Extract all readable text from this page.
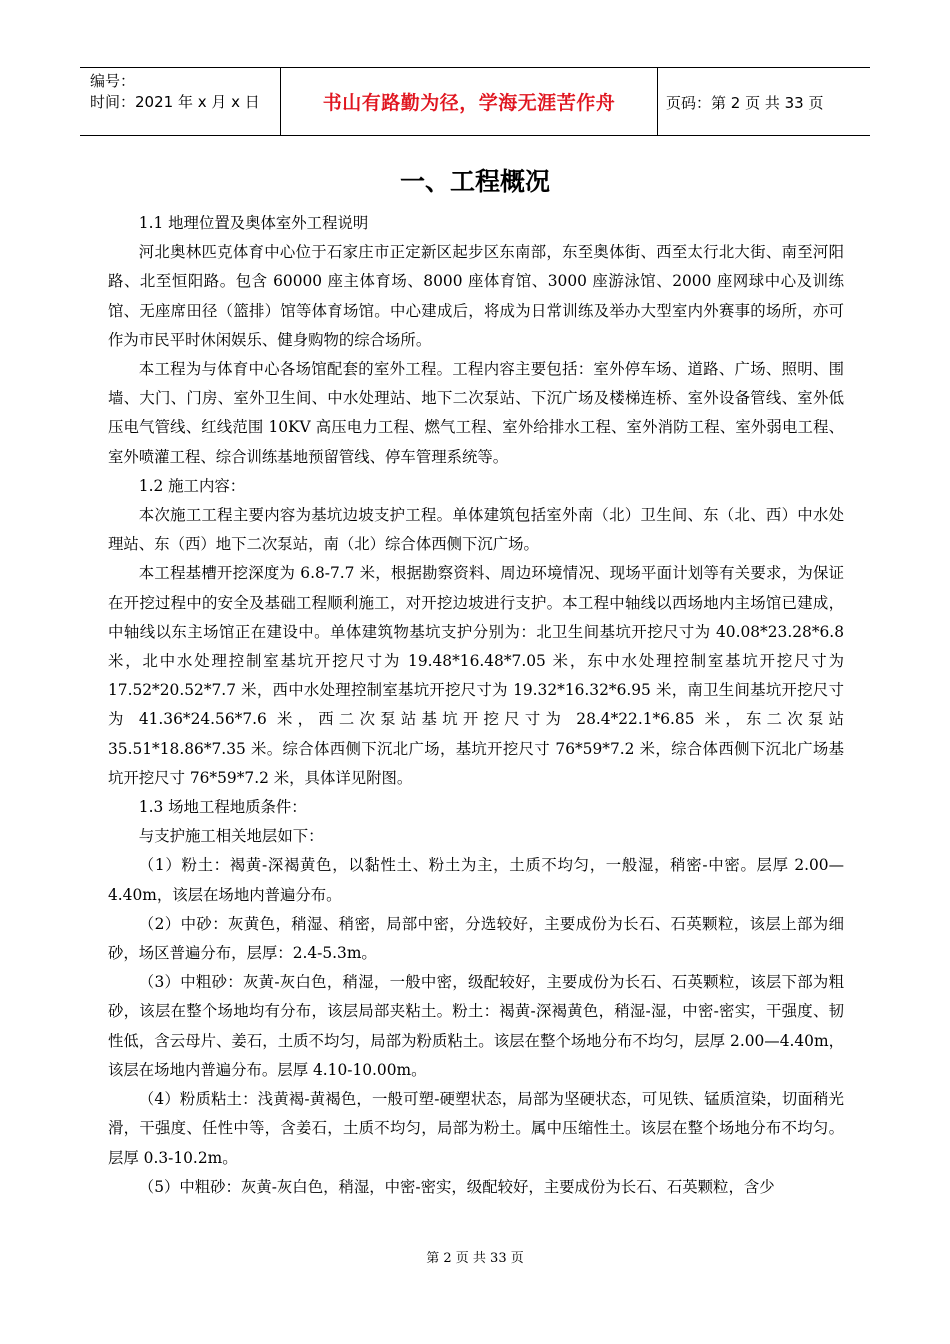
编号：
时间：2021 年 x 月 x 日	书山有路勤为径，学海无涯苦作舟	页码：第 2 页 共 33 页
一、工程概况

1.1 地理位置及奥体室外工程说明

河北奥林匹克体育中心位于石家庄市正定新区起步区东南部，东至奥体街、西至太行北大街、南至河阳路、北至恒阳路。包含 60000 座主体育场、8000 座体育馆、3000 座游泳馆、2000 座网球中心及训练馆、无座席田径（篮排）馆等体育场馆。中心建成后，将成为日常训练及举办大型室内外赛事的场所，亦可作为市民平时休闲娱乐、健身购物的综合场所。

本工程为与体育中心各场馆配套的室外工程。工程内容主要包括：室外停车场、道路、广场、照明、围墙、大门、门房、室外卫生间、中水处理站、地下二次泵站、下沉广场及楼梯连桥、室外设备管线、室外低压电气管线、红线范围 10KV 高压电力工程、燃气工程、室外给排水工程、室外消防工程、室外弱电工程、室外喷灌工程、综合训练基地预留管线、停车管理系统等。

1.2 施工内容：

本次施工工程主要内容为基坑边坡支护工程。单体建筑包括室外南（北）卫生间、东（北、西）中水处理站、东（西）地下二次泵站，南（北）综合体西侧下沉广场。

本工程基槽开挖深度为 6.8-7.7 米，根据勘察资料、周边环境情况、现场平面计划等有关要求，为保证在开挖过程中的安全及基础工程顺利施工，对开挖边坡进行支护。本工程中轴线以西场地内主场馆已建成，中轴线以东主场馆正在建设中。单体建筑物基坑支护分别为：北卫生间基坑开挖尺寸为 40.08*23.28*6.8 米，北中水处理控制室基坑开挖尺寸为 19.48*16.48*7.05 米，东中水处理控制室基坑开挖尺寸为 17.52*20.52*7.7 米，西中水处理控制室基坑开挖尺寸为 19.32*16.32*6.95 米，南卫生间基坑开挖尺寸为 41.36*24.56*7.6 米，西二次泵站基坑开挖尺寸为 28.4*22.1*6.85 米，东二次泵站 35.51*18.86*7.35 米。综合体西侧下沉北广场，基坑开挖尺寸 76*59*7.2 米，综合体西侧下沉北广场基坑开挖尺寸 76*59*7.2 米，具体详见附图。

1.3 场地工程地质条件：

与支护施工相关地层如下：

（1）粉土：褐黄-深褐黄色，以黏性土、粉土为主，土质不均匀，一般湿，稍密-中密。层厚 2.00—4.40m，该层在场地内普遍分布。

（2）中砂：灰黄色，稍湿、稍密，局部中密，分选较好，主要成份为长石、石英颗粒，该层上部为细砂，场区普遍分布，层厚：2.4-5.3m。

（3）中粗砂：灰黄-灰白色，稍湿，一般中密，级配较好，主要成份为长石、石英颗粒，该层下部为粗砂，该层在整个场地均有分布，该层局部夹粘土。粉土：褐黄-深褐黄色，稍湿-湿，中密-密实，干强度、韧性低，含云母片、姜石，土质不均匀，局部为粉质粘土。该层在整个场地分布不均匀，层厚 2.00—4.40m，该层在场地内普遍分布。层厚 4.10-10.00m。

（4）粉质粘土：浅黄褐-黄褐色，一般可塑-硬塑状态，局部为坚硬状态，可见铁、锰质渲染，切面稍光滑，干强度、任性中等，含姜石，土质不均匀，局部为粉土。属中压缩性土。该层在整个场地分布不均匀。层厚 0.3-10.2m。

（5）中粗砂：灰黄-灰白色，稍湿，中密-密实，级配较好，主要成份为长石、石英颗粒，含少

第 2 页 共 33 页
